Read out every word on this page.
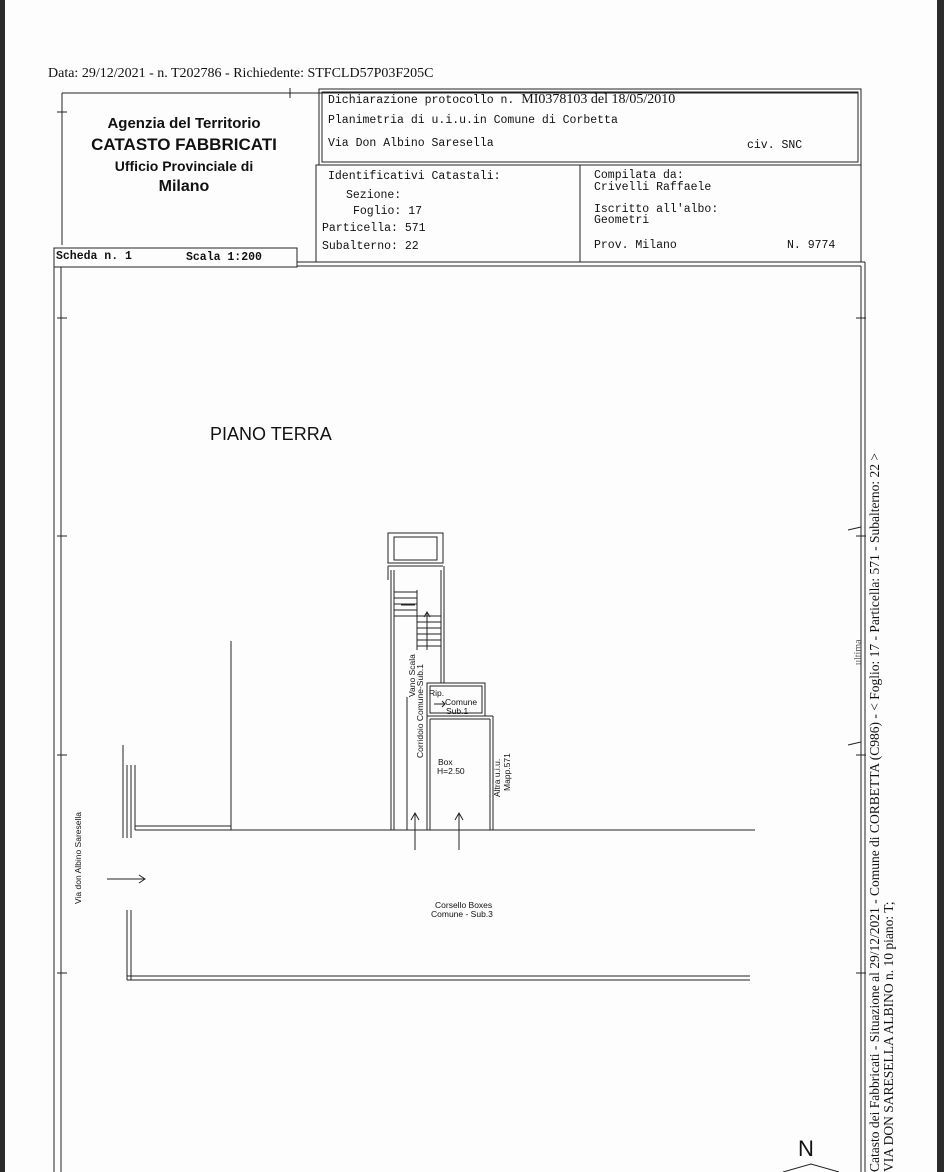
Data: 29/12/2021 - n. T202786 - Richiedente: STFCLD57P03F205C
Agenzia del Territorio
CATASTO FABBRICATI
Ufficio Provinciale di
Milano
Dichiarazione protocollo n. MI0378103 del 18/05/2010
Planimetria di u.i.u.in Comune di Corbetta
Via Don Albino Saresella	civ. SNC
Identificativi Catastali:
Sezione:
Foglio: 17
Particella: 571
Subalterno: 22
Compilata da:
Crivelli Raffaele
Iscritto all'albo:
Geometri
Prov. Milano	N. 9774
Scheda n. 1	Scala 1:200
PIANO TERRA
Vano Scala
Corridoio Comune-Sub.1 Rip.
Comune
Sub.1
Box
H=2.50	Altra u.i.u. Mapp.571
Via don Albino Saresella
Corsello Boxes
Comune - Sub.3
N	Catasto dei Fabbricati - Situazione al 29/12/2021 - Comune di CORBETTA (C986) - < Foglio: 17 - Particella: 571 - Subalterno: 22 > VIA DON SARESELLA ALBINO n. 10 piano: T;
ultima
